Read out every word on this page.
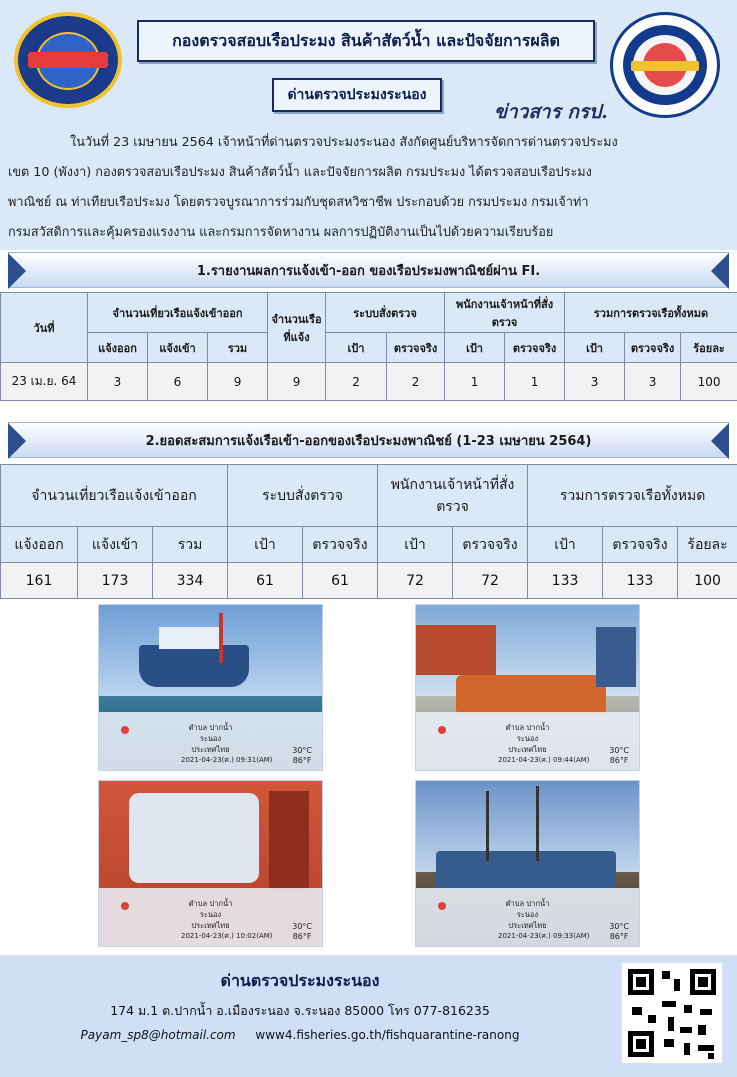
กองตรวจสอบเรือประมง สินค้าสัตว์น้ำ และปัจจัยการผลิต
ด่านตรวจประมงระนอง
ข่าวสาร กรป.
ในวันที่ 23 เมษายน 2564 เจ้าหน้าที่ด่านตรวจประมงระนอง สังกัดศูนย์บริหารจัดการด่านตรวจประมง
เขต 10 (พังงา) กองตรวจสอบเรือประมง สินค้าสัตว์น้ำ และปัจจัยการผลิต กรมประมง ได้ตรวจสอบเรือประมง
พาณิชย์ ณ ท่าเทียบเรือประมง โดยตรวจบูรณาการร่วมกับชุดสหวิชาชีพ ประกอบด้วย กรมประมง กรมเจ้าท่า
กรมสวัสดิการและคุ้มครองแรงงาน และกรมการจัดหางาน ผลการปฏิบัติงานเป็นไปด้วยความเรียบร้อย
1.รายงานผลการแจ้งเข้า-ออก ของเรือประมงพาณิชย์ผ่าน FI.
วันที่	จำนวนเที่ยวเรือแจ้งเข้าออก			จำนวนเรือที่แจ้ง	ระบบสั่งตรวจ		พนักงานเจ้าหน้าที่สั่งตรวจ		รวมการตรวจเรือทั้งหมด		
	แจ้งออก	แจ้งเข้า	รวม		เป้า	ตรวจจริง	เป้า	ตรวจจริง	เป้า	ตรวจจริง	ร้อยละ
23 เม.ย. 64	3	6	9	9	2	2	1	1	3	3	100
2.ยอดสะสมการแจ้งเรือเข้า-ออกของเรือประมงพาณิชย์ (1-23 เมษายน 2564)
จำนวนเที่ยวเรือแจ้งเข้าออก			ระบบสั่งตรวจ		พนักงานเจ้าหน้าที่สั่งตรวจ		รวมการตรวจเรือทั้งหมด		
แจ้งออก	แจ้งเข้า	รวม	เป้า	ตรวจจริง	เป้า	ตรวจจริง	เป้า	ตรวจจริง	ร้อยละ
161	173	334	61	61	72	72	133	133	100
ตำบล ปากน้ำ
ระนอง
ประเทศไทย
2021-04-23(ศ.) 09:31(AM)
30°C
86°F
ตำบล ปากน้ำ
ระนอง
ประเทศไทย
2021-04-23(ศ.) 09:44(AM)
30°C
86°F
ตำบล ปากน้ำ
ระนอง
ประเทศไทย
2021-04-23(ศ.) 10:02(AM)
30°C
86°F
ตำบล ปากน้ำ
ระนอง
ประเทศไทย
2021-04-23(ศ.) 09:33(AM)
30°C
86°F
ด่านตรวจประมงระนอง
174 ม.1 ต.ปากน้ำ อ.เมืองระนอง จ.ระนอง 85000 โทร 077-816235
Payam_sp8@hotmail.com www4.fisheries.go.th/fishquarantine-ranong
